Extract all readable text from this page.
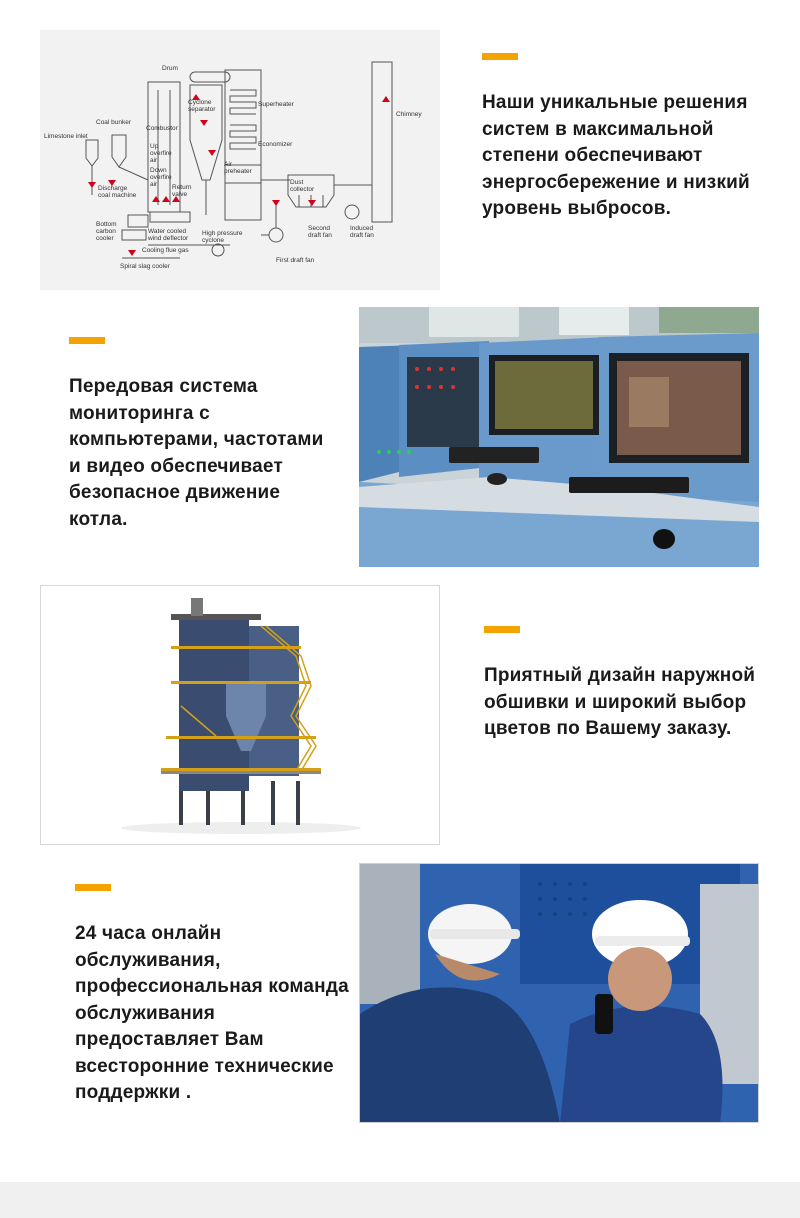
Drum
Coal bunker
Limestone inlet
Combustor
Cyclone
separator
Superheater
Economizer
Chimney
Up
overfire
air
Down
overfire
air Return
valve
Air
preheater
Dust
collector
Discharge
coal machine
Bottom
carbon
cooler
Water cooled
wind deflector
Cooling flue gas
High pressure
cyclone
Second
draft fan
Induced
draft fan
First draft fan
Spiral slag cooler

Наши уникальные решения систем в максимальной степени обеспечивают энергосбережение и низкий уровень выбросов.

Передовая система мониторинга с компьютерами, частотами и видео обеспечивает безопасное движение котла.

Приятный дизайн наружной обшивки и широкий выбор цветов по Вашему заказу.

24 часа онлайн обслуживания, профессиональная команда обслуживания предоставляет Вам всесторонние технические поддержки .
